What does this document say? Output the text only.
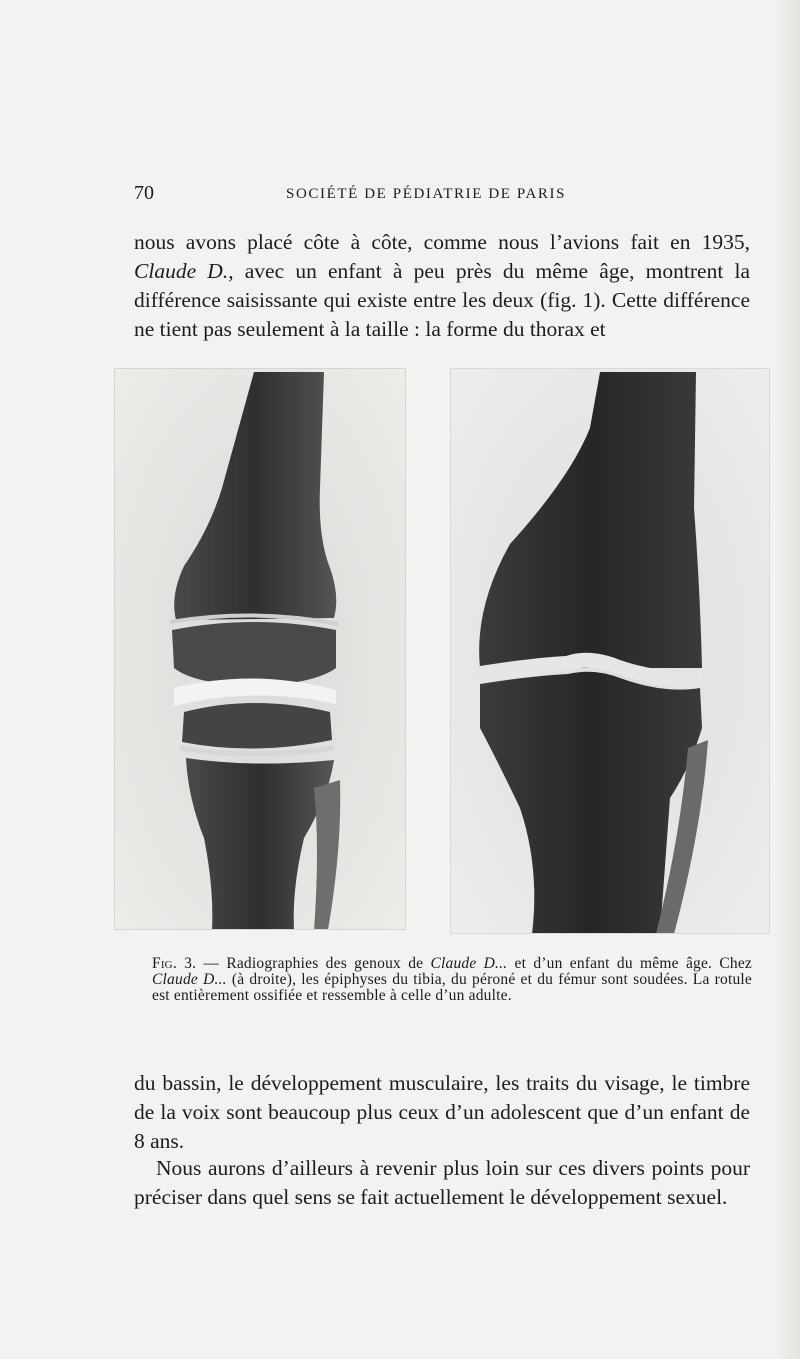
70	SOCIÉTÉ DE PÉDIATRIE DE PARIS

nous avons placé côte à côte, comme nous l’avions fait en 1935, Claude D., avec un enfant à peu près du même âge, montrent la différence saisissante qui existe entre les deux (fig. 1). Cette différence ne tient pas seulement à la taille : la forme du thorax et

Fig. 3. — Radiographies des genoux de Claude D... et d’un enfant du même âge. Chez Claude D... (à droite), les épiphyses du tibia, du péroné et du fémur sont soudées. La rotule est entièrement ossifiée et ressemble à celle d’un adulte.

du bassin, le développement musculaire, les traits du visage, le timbre de la voix sont beaucoup plus ceux d’un adolescent que d’un enfant de 8 ans.

Nous aurons d’ailleurs à revenir plus loin sur ces divers points pour préciser dans quel sens se fait actuellement le développement sexuel.
